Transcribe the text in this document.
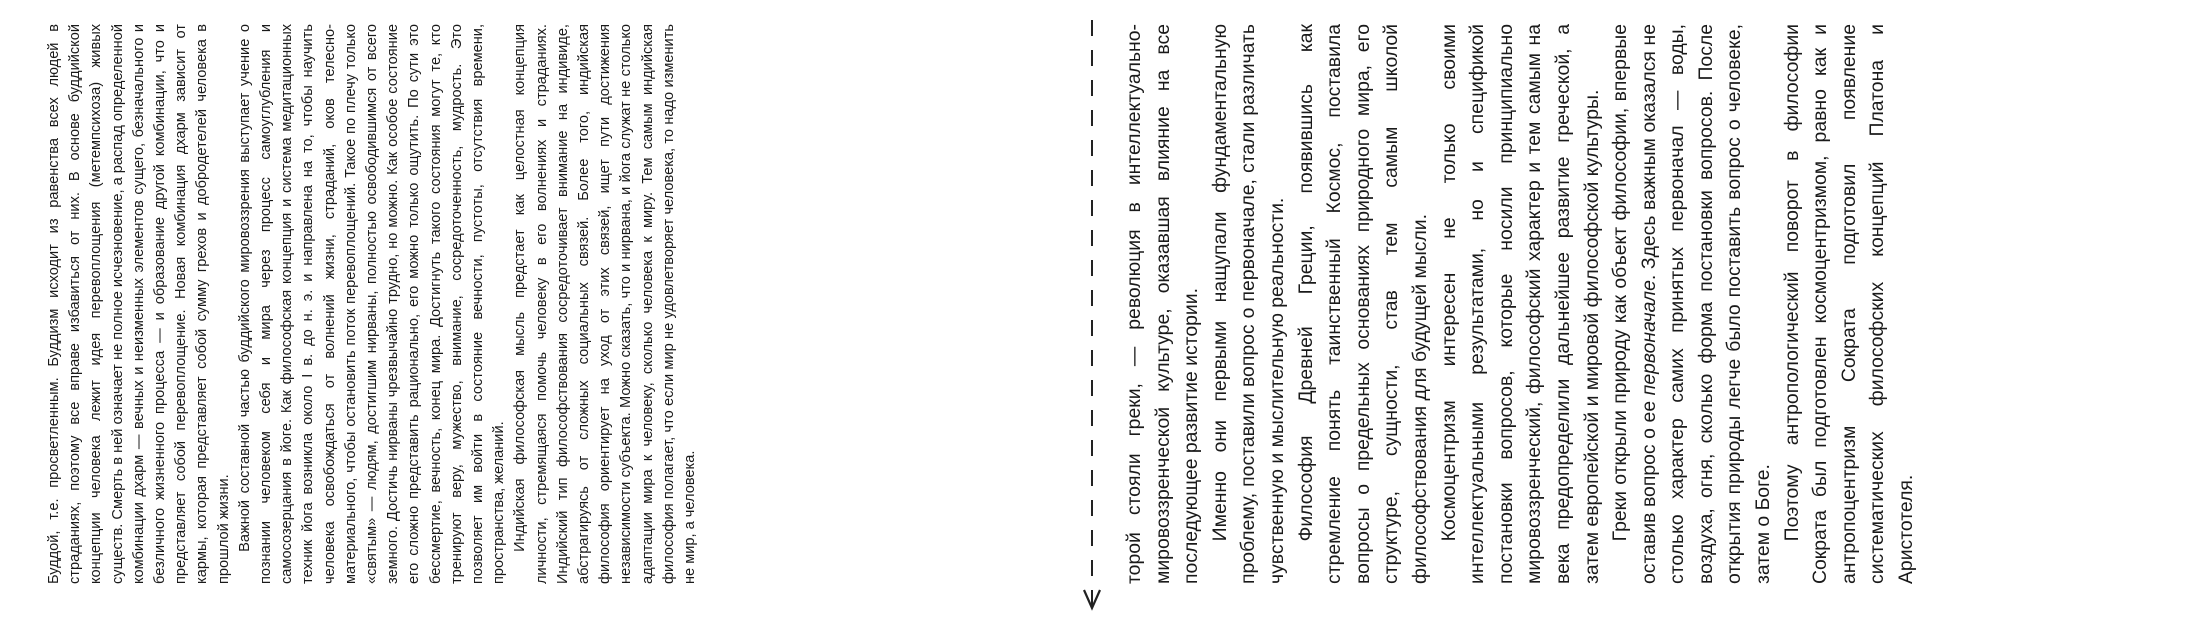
Буддой, т.е. просветленным. Буддизм исходит из равенства всех людей в страданиях, поэтому все вправе избавиться от них. В основе буддийской концепции человека лежит идея перевоплощения (метемпсихоза) живых существ. Смерть в ней означает не полное исчезновение, а распад определенной комбинации дхарм — вечных и неизменных элементов сущего, безначального и безличного жизненного процесса — и образование другой комбинации, что и представляет собой перевоплощение. Новая комбинация дхарм зависит от кармы, которая представляет собой сумму грехов и добродетелей человека в прошлой жизни. Важной составной частью буддийского мировоззрения выступает учение о познании человеком себя и мира через процесс самоуглубления и самосозерцания в йоге. Как философская концепция и система медитационных техник йога возникла около I в. до н. э. и направлена на то, чтобы научить человека освобождаться от волнений жизни, страданий, оков телесно-материального, чтобы остановить поток перевоплощений. Такое по плечу только «святым» — людям, достигшим нирваны, полностью освободившимся от всего земного. Достичь нирваны чрезвычайно трудно, но можно. Как особое состояние его сложно представить рационально, его можно только ощутить. По сути это бессмертие, вечность, конец мира. Достигнуть такого состояния могут те, кто тренируют веру, мужество, внимание, сосредоточенность, мудрость. Это позволяет им войти в состояние вечности, пустоты, отсутствия времени, пространства, желаний. Индийская философская мысль предстает как целостная концепция личности, стремящаяся помочь человеку в его волнениях и страданиях. Индийский тип философствования сосредоточивает внимание на индивиде, абстрагируясь от сложных социальных связей. Более того, индийская философия ориентирует на уход от этих связей, ищет пути достижения независимости субъекта. Можно сказать, что и нирвана, и йога служат не столько адаптации мира к человеку, сколько человека к миру. Тем самым индийская философия полагает, что если мир не удовлетворяет человека, то надо изменить не мир, а человека.	торой стояли греки, — революция в интеллектуально-мировоззренческой культуре, оказавшая влияние на все последующее развитие истории. Именно они первыми нащупали фундаментальную проблему, поставили вопрос о первоначале, стали различать чувственную и мыслительную реальности. Философия Древней Греции, появившись как стремление понять таинственный Космос, поставила вопросы о предельных основаниях природного мира, его структуре, сущности, став тем самым школой философствования для будущей мысли. Космоцентризм интересен не только своими интеллектуальными результатами, но и спецификой постановки вопросов, которые носили принципиально мировоззренческий, философский характер и тем самым на века предопределили дальнейшее развитие греческой, а затем европейской и мировой философской культуры. Греки открыли природу как объект философии, впервые оставив вопрос о ее первоначале. Здесь важным оказался не столько характер самих принятых первоначал — воды, воздуха, огня, сколько форма постановки вопросов. После открытия природы легче было поставить вопрос о человеке, затем о Боге. Поэтому антропологический поворот в философии Сократа был подготовлен космоцентризмом, равно как и антропоцентризм Сократа подготовил появление систематических философских концепций Платона и Аристотеля.
